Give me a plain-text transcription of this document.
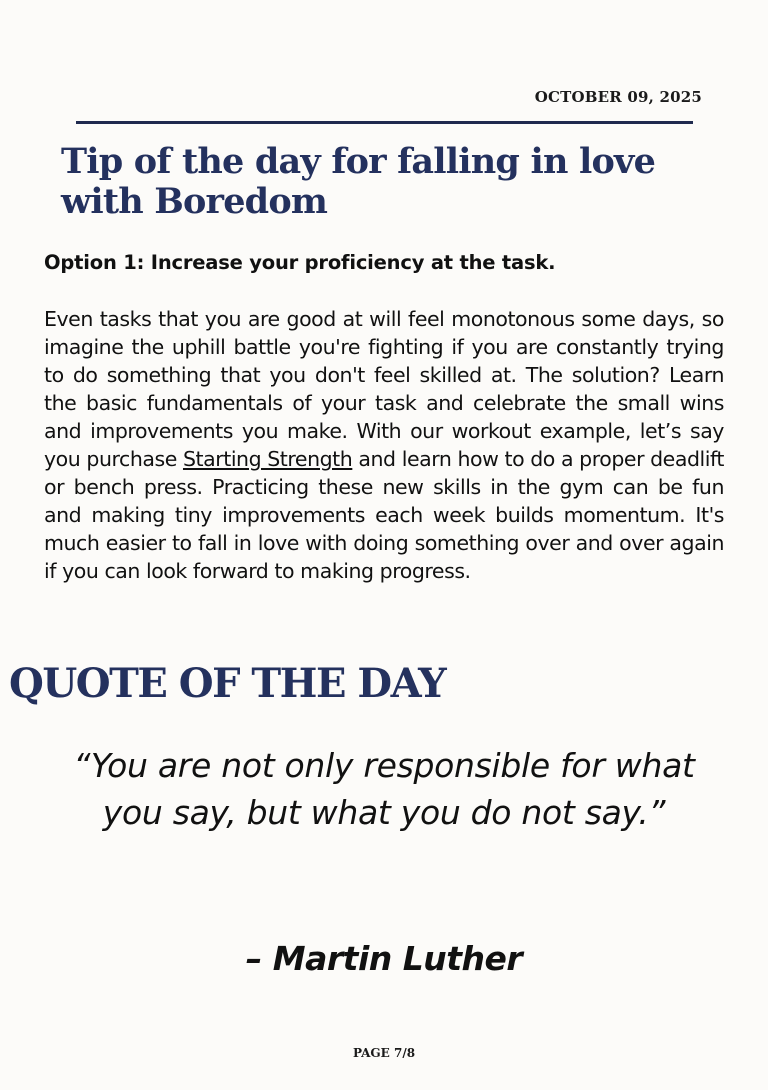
OCTOBER 09, 2025
Tip of the day for falling in love with Boredom
Option 1: Increase your proficiency at the task.

Even tasks that you are good at will feel monotonous some days, so imagine the uphill battle you're fighting if you are constantly trying to do something that you don't feel skilled at. The solution? Learn the basic fundamentals of your task and celebrate the small wins and improvements you make. With our workout example, let’s say you purchase Starting Strength and learn how to do a proper deadlift or bench press. Practicing these new skills in the gym can be fun and making tiny improvements each week builds momentum. It's much easier to fall in love with doing something over and over again if you can look forward to making progress.

QUOTE OF THE DAY

“You are not only responsible for what you say, but what you do not say.”

– Martin Luther

PAGE 7/8
